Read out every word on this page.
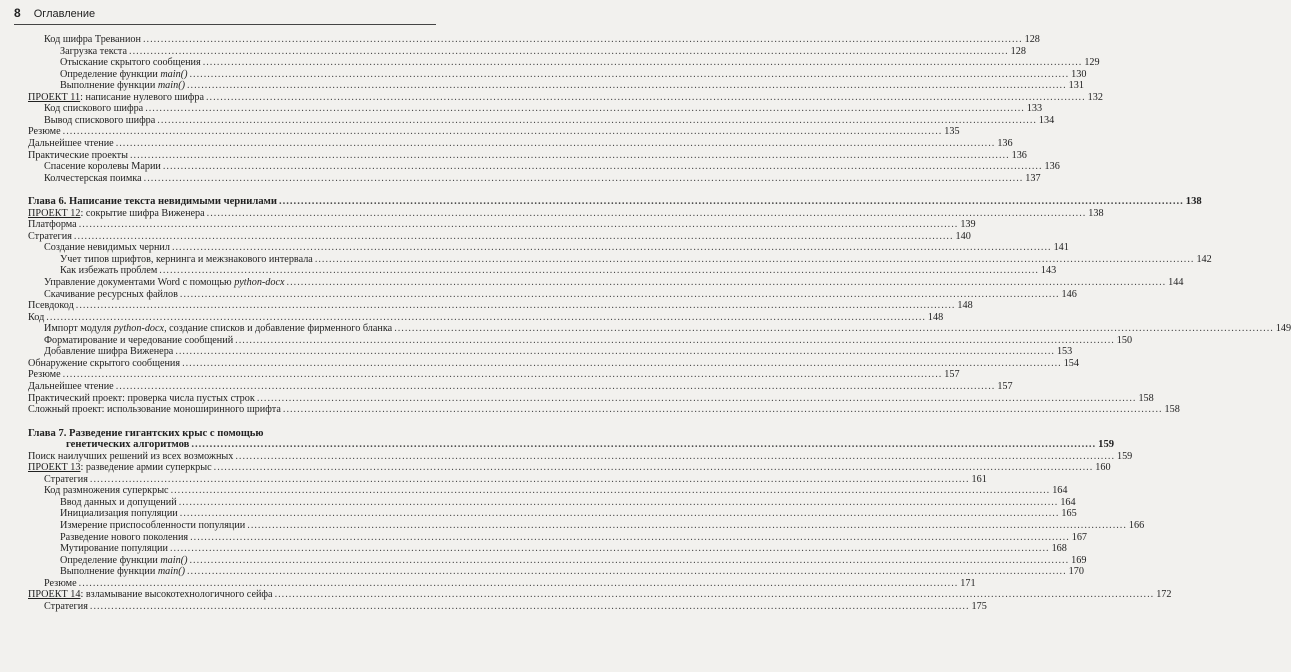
8 Оглавление
Код шифра Треванион .....	128
Загрузка текста .....	128
Отыскание скрытого сообщения .....	129
Определение функции main() .....	130
Выполнение функции main() .....	131
ПРОЕКТ 11: написание нулевого шифра .....	132
Код спискового шифра .....	133
Вывод спискового шифра .....	134
Резюме .....	135
Дальнейшее чтение .....	136
Практические проекты .....	136
Спасение королевы Марии .....	136
Колчестерская поимка .....	137
Глава 6. Написание текста невидимыми чернилами .....	138
ПРОЕКТ 12: сокрытие шифра Виженера .....	138
Платформа .....	139
Стратегия .....	140
Создание невидимых чернил .....	141
Учет типов шрифтов, кернинга и межзнакового интервала .....	142
Как избежать проблем .....	143
Управление документами Word с помощью python-docx .....	144
Скачивание ресурсных файлов .....	146
Псевдокод .....	148
Код .....	148
Импорт модуля python-docx, создание списков и добавление фирменного бланка .....	149
Форматирование и чередование сообщений .....	150
Добавление шифра Виженера .....	153
Обнаружение скрытого сообщения .....	154
Резюме .....	157
Дальнейшее чтение .....	157
Практический проект: проверка числа пустых строк .....	158
Сложный проект: использование моноширинного шрифта .....	158
Глава 7. Разведение гигантских крыс с помощью
генетических алгоритмов .....	159
Поиск наилучших решений из всех возможных .....	159
ПРОЕКТ 13: разведение армии суперкрыс .....	160
Стратегия .....	161
Код размножения суперкрыс .....	164
Ввод данных и допущений .....	164
Инициализация популяции .....	165
Измерение приспособленности популяции .....	166
Разведение нового поколения .....	167
Мутирование популяции .....	168
Определение функции main() .....	169
Выполнение функции main() .....	170
Резюме .....	171
ПРОЕКТ 14: взламывание высокотехнологичного сейфа .....	172
Стратегия .....	175
